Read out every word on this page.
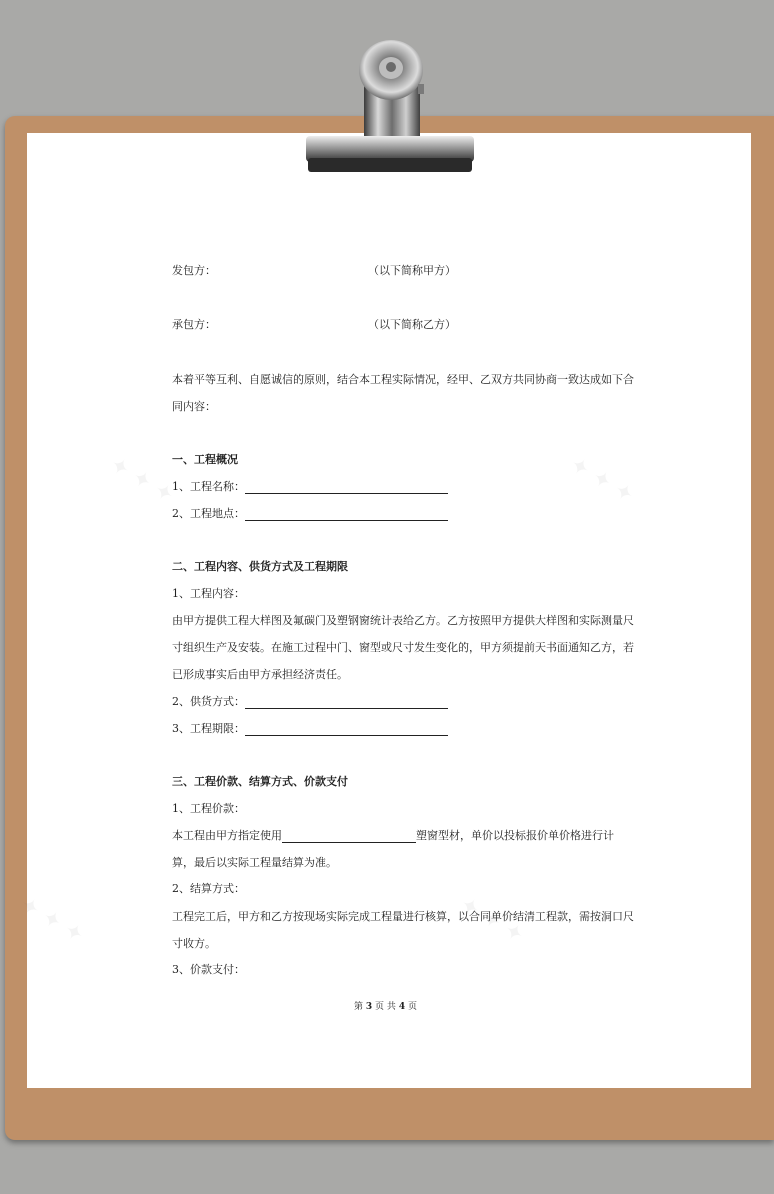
✦ ✦ ✦	✦ ✦ ✦
✦ ✦ ✦	✦ ✦ ✦
发包方：	（以下简称甲方）
承包方：	（以下简称乙方）
本着平等互利、自愿诚信的原则，结合本工程实际情况，经甲、乙双方共同协商一致达成如下合
同内容：
一、工程概况
1、工程名称：
2、工程地点：
二、工程内容、供货方式及工程期限
1、工程内容：
由甲方提供工程大样图及氟碳门及塑钢窗统计表给乙方。乙方按照甲方提供大样图和实际测量尺
寸组织生产及安装。在施工过程中门、窗型或尺寸发生变化的，甲方须提前天书面通知乙方，若
已形成事实后由甲方承担经济责任。
2、供货方式：
3、工程期限：
三、工程价款、结算方式、价款支付
1、工程价款：
本工程由甲方指定使用	塑窗型材，单价以投标报价单价格进行计
算，最后以实际工程量结算为准。
2、结算方式：
工程完工后，甲方和乙方按现场实际完成工程量进行核算，以合同单价结清工程款，需按洞口尺
寸收方。
3、价款支付：
第 3 页 共 4 页
